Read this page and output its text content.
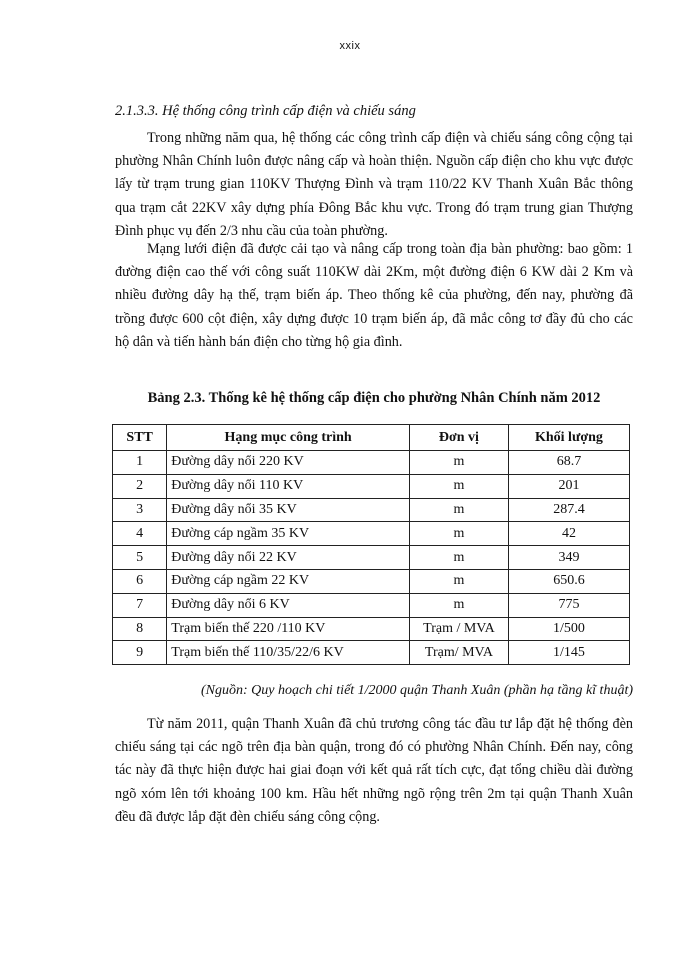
xxix
2.1.3.3. Hệ thống công trình cấp điện và chiếu sáng

Trong những năm qua, hệ thống các công trình cấp điện và chiếu sáng công cộng tại phường Nhân Chính luôn được nâng cấp và hoàn thiện. Nguồn cấp điện cho khu vực được lấy từ trạm trung gian 110KV Thượng Đình và trạm 110/22 KV Thanh Xuân Bắc thông qua trạm cắt 22KV xây dựng phía Đông Bắc khu vực. Trong đó trạm trung gian Thượng Đình phục vụ đến 2/3 nhu cầu của toàn phường.

Mạng lưới điện đã được cải tạo và nâng cấp trong toàn địa bàn phường: bao gồm: 1 đường điện cao thế với công suất 110KW dài 2Km, một đường điện 6 KW dài 2 Km và nhiều đường dây hạ thế, trạm biến áp. Theo thống kê của phường, đến nay, phường đã trồng được 600 cột điện, xây dựng được 10 trạm biến áp, đã mắc công tơ đầy đủ cho các hộ dân và tiến hành bán điện cho từng hộ gia đình.

Bảng 2.3. Thống kê hệ thống cấp điện cho phường Nhân Chính năm 2012
STT	Hạng mục công trình	Đơn vị	Khối lượng
1	Đường dây nổi 220 KV	m	68.7
2	Đường dây nổi 110 KV	m	201
3	Đường dây nổi 35 KV	m	287.4
4	Đường cáp ngầm 35 KV	m	42
5	Đường dây nổi 22 KV	m	349
6	Đường cáp ngầm 22 KV	m	650.6
7	Đường dây nổi 6 KV	m	775
8	Trạm biến thế 220 /110 KV	Trạm / MVA	1/500
9	Trạm biến thế 110/35/22/6 KV	Trạm/ MVA	1/145
(Nguồn: Quy hoạch chi tiết 1/2000 quận Thanh Xuân (phần hạ tầng kĩ thuật)

Từ năm 2011, quận Thanh Xuân đã chủ trương công tác đầu tư lắp đặt hệ thống đèn chiếu sáng tại các ngõ trên địa bàn quận, trong đó có phường Nhân Chính. Đến nay, công tác này đã thực hiện được hai giai đoạn với kết quả rất tích cực, đạt tổng chiều dài đường ngõ xóm lên tới khoảng 100 km. Hầu hết những ngõ rộng trên 2m tại quận Thanh Xuân đều đã được lắp đặt đèn chiếu sáng công cộng.
